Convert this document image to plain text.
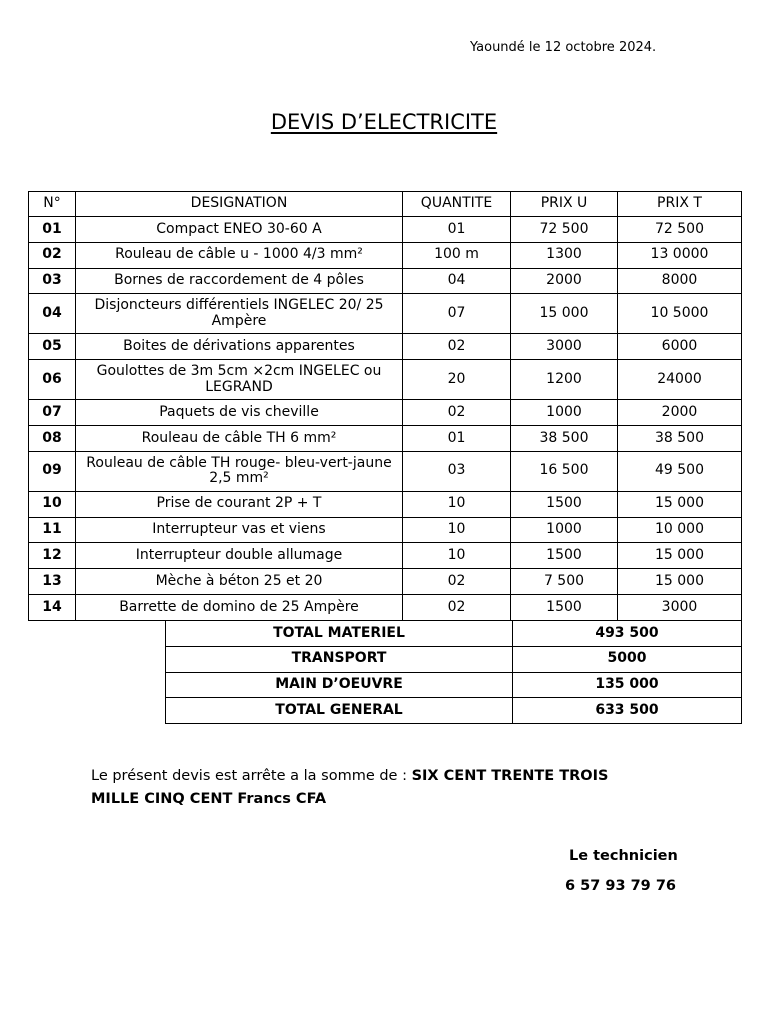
Yaoundé le 12 octobre 2024.
DEVIS D’ELECTRICITE
N°	DESIGNATION	QUANTITE	PRIX U	PRIX T
01	Compact ENEO 30-60 A	01	72 500	72 500
02	Rouleau de câble u - 1000 4/3 mm²	100 m	1300	13 0000
03	Bornes de raccordement de 4 pôles	04	2000	8000
04	Disjoncteurs différentiels INGELEC 20/ 25 Ampère	07	15 000	10 5000
05	Boites de dérivations apparentes	02	3000	6000
06	Goulottes de 3m 5cm ×2cm INGELEC ou LEGRAND	20	1200	24000
07	Paquets de vis cheville	02	1000	2000
08	Rouleau de câble TH 6 mm²	01	38 500	38 500
09	Rouleau de câble TH rouge- bleu-vert-jaune 2,5 mm²	03	16 500	49 500
10	Prise de courant 2P + T	10	1500	15 000
11	Interrupteur vas et viens	10	1000	10 000
12	Interrupteur double allumage	10	1500	15 000
13	Mèche à béton 25 et 20	02	7 500	15 000
14	Barrette de domino de 25 Ampère	02	1500	3000
TOTAL MATERIEL	493 500
TRANSPORT	5000
MAIN D’OEUVRE	135 000
TOTAL GENERAL	633 500
Le présent devis est arrête a la somme de : SIX CENT TRENTE TROIS
MILLE CINQ CENT Francs CFA
Le technicien
6 57 93 79 76
